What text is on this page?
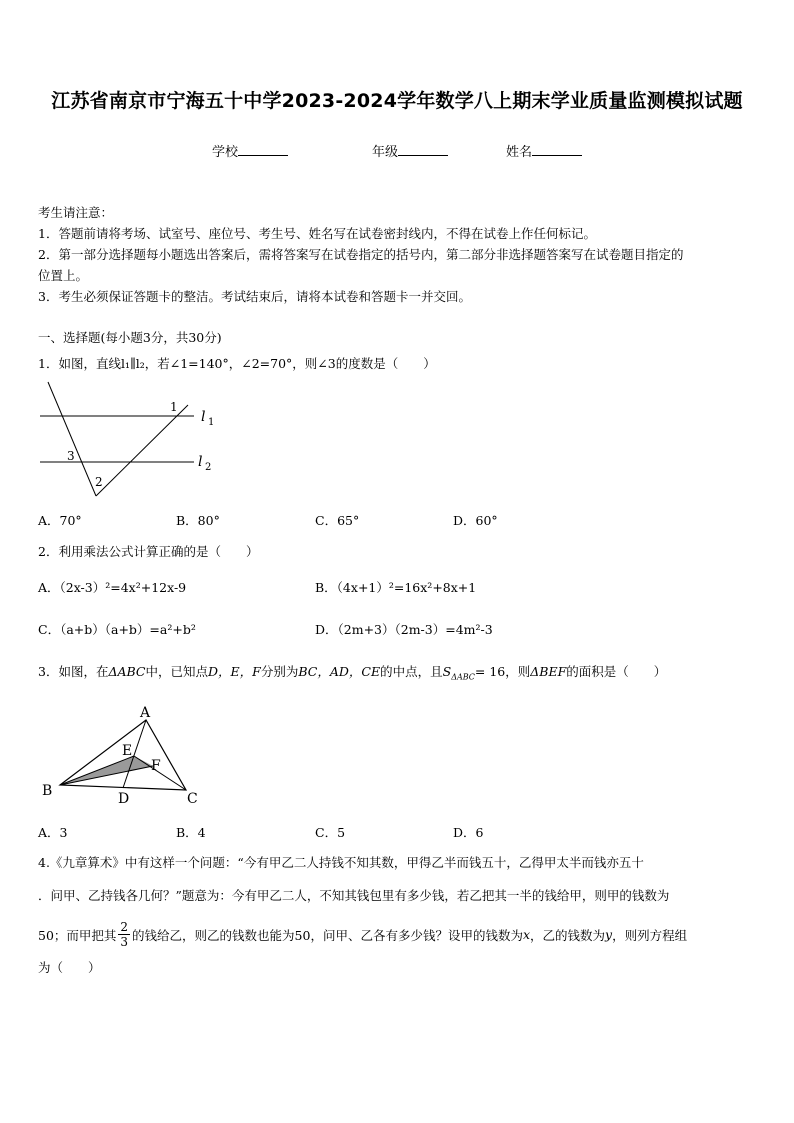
江苏省南京市宁海五十中学2023-2024学年数学八上期末学业质量监测模拟试题
学校	年级	姓名
考生请注意：
1．答题前请将考场、试室号、座位号、考生号、姓名写在试卷密封线内，不得在试卷上作任何标记。
2．第一部分选择题每小题选出答案后，需将答案写在试卷指定的括号内，第二部分非选择题答案写在试卷题目指定的
位置上。
3．考生必须保证答题卡的整洁。考试结束后，请将本试卷和答题卡一并交回。
一、选择题(每小题3分，共30分)
1．如图，直线l₁∥l₂，若∠1=140°，∠2=70°，则∠3的度数是（　　）
1
3
2
l 1
l 2
A．70°	B．80°	C．65°	D．60°
2．利用乘法公式计算正确的是（　　）
A．（2x-3）²=4x²+12x-9	B．（4x+1）²=16x²+8x+1
C．（a+b）（a+b）=a²+b²	D．（2m+3）（2m-3）=4m²-3
3．如图，在ΔABC中，已知点D，E，F分别为BC，AD，CE的中点，且$S_{\Delta ABC}= 16$，则ΔBEF的面积是（　　）
A
B	C
D
E
F
A．3	B．4	C．5	D．6
4.《九章算术》中有这样一个问题：“今有甲乙二人持钱不知其数，甲得乙半而钱五十，乙得甲太半而钱亦五十
．问甲、乙持钱各几何？”题意为：今有甲乙二人，不知其钱包里有多少钱，若乙把其一半的钱给甲，则甲的钱数为
50；而甲把其 $\frac{2}{3}$ 的钱给乙，则乙的钱数也能为50，问甲、乙各有多少钱？设甲的钱数为 x ，乙的钱数为 y ，则列方程组
为（　　）
